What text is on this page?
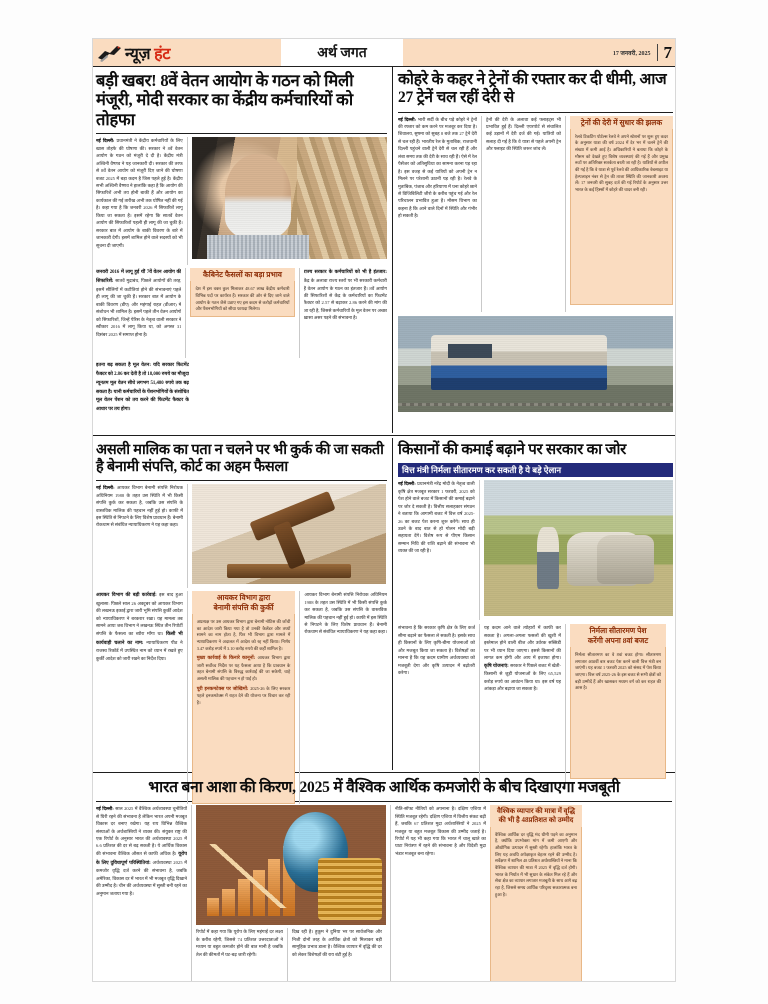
न्यूज़ हंट	अर्थ जगत	17 जनवरी, 2025 7
बड़ी खबर! 8वें वेतन आयोग के गठन को मिली मंजूरी, मोदी सरकार का केंद्रीय कर्मचारियों को तोहफा
नई दिल्ली: प्रधानमंत्री ने केंद्रीय कर्मचारियों के लिए खास तोहफे की घोषणा की। सरकार ने 8वें वेतन आयोग के गठन को मंजूरी दे दी है। केंद्रीय मंत्री अश्विनी वैष्णव ने यह जानकारी दी। सरकार की तरफ से 8वें वेतन आयोग को मंजूरी दिए जाने की घोषणा बजट 2025 में बड़ा कदम है जिस पहले हुई है। केंद्रीय सभी अश्विनी वैष्णव ने हालांकि कहा है कि आयोग की सिफारिशें अभी तय होनी बाकी हैं और आयोग का कार्यकाल की गई तारीख अभी तक घोषित नहीं की गई है। कहा गया है कि जनवरी 2026 में सिफारिशें लागू किया जा सकता है। इसमें रहेगा कि सातवें वेतन आयोग की सिफारिशों पहली ही लागू की जा चुकी हैं। सरकार बात में आयोग के बाकी विवरण के बारे में जानकारी देगी। इसमें शामिल होने वाले सदस्यों को भी सूचना दी जाएगी।
जनवरी 2016 में लागू हुई थीं 7वें वेतन आयोग की सिफारिशें: सातवें मुद्राबंध, पिछले आयोगों की तरह, इसमें सीलिंगों में कटौतियां होने की संभावनाएं पहले ही लागू की जा चुकी हैं। सरकार बात में आयोग के बाकी विवरण (डीए) और महंगाई राहत (डीआर) में संशोधन भी शामिल है। इसमें पहले तीन वेतन आयोगों को सिफारिशों, जिन्हें पेरिस के नेतृत्व वाली सरकार ने स्वीकार 2016 में लागू किया था, को अगस्त 31 दिसंबर 2025 में समाप्त होना है।
कैबिनेट फैसलों का बड़ा प्रभाव
देश में इस वक्त कुल मिलाकर 48.67 लाख केंद्रीय कर्मचारी विभिन्न पदों पर कार्यरत हैं। सरकार की ओर से दिए जाने वाले आयोग के गठन जैसे उठाए गए इस कदम से करोड़ों कर्मचारियों और पेंशनभोगियों को सीधा फायदा मिलेगा।
राज्य सरकार के कर्मचारियों को भी है इंतजार: केंद्र के अलावा राज्य स्तरों पर भी सरकारी कर्मचारी हैं वेतन आयोग के गठन का इंतजार हैं। 8वें आयोग की सिफारिशों से केंद्र के कर्मचारियों का फिटमेंट फैक्टर को 2.57 से बढ़ाकर 2.86 करने की मांग की जा रही है, जिससे कर्मचारियों के मूल वेतन पर अच्छा खासा असर पड़ने की संभावना है।
इतना बढ़ सकता है मूल वेतन: यदि सरकार फिटमेंट फैक्टर को 2.86 कर देती है तो 18,000 रुपये का मौजूदा न्यूनतम मूल वेतन सीधे लगभग 51,480 रुपये तक बढ़ सकता है। यानी कर्मचारियों के पेंशनभोगियों के संशोधित मूल वेतन पेंशन को तय करने की फिटमेंट फैक्टर के आधार पर तय होगा।
कोहरे के कहर ने ट्रेनों की रफ्तार कर दी धीमी, आज 27 ट्रेनें चल रहीं देरी से
नई दिल्ली: भारी सर्दी के बीच पड़े कोहरे ने ट्रेनों की रफ्तार को कम करने पर मजबूर कर दिया है। शिवालय, सुषमा को सुबह 8 बजे तक 27 ट्रेनें देरी से चल रही हैं। भारतीय रेल के मुताबिक, राजधानी दिल्ली पहुंचने वाली ट्रेनें देरी से चल रही हैं और लंबा समय तक की देरी के साथ रही हैं। ऐसे में रेल पैसेंजर को अतिसुविधा का सामना करना पड़ रहा है। इस वजह से कई यात्रियों को अपनी ट्रेन न मिलने पर परेशानी उठानी पड़ रही है। रेलवे के मुताबिक, पंजाब और हरियाणा में घना कोहरे छाने से विजिबिलिटी जीरो के करीब पहुंच गई और रेल परिचालन प्रभावित हुआ है। मौसम विभाग का कहना है कि आने वाले दिनों में स्थिति और गंभीर हो सकती है।
ट्रेनों की देरी के अलावा कई फ्लाइट्स भी प्रभावित हुई हैं। दिल्ली एयरपोर्ट से संचालित कई उड़ानों में देरी दर्ज की गई। यात्रियों को सलाह दी गई है कि वे यात्रा से पहले अपनी ट्रेन और फ्लाइट की स्थिति जरूर जांच लें।
ट्रेनों की देरी में सुधार की झलक
रेलवे टिकटिंग पोर्टल्स रेलवे ने अपने स्टेशनों पर शुरू हुए कदर के अनुसार यात्रा की वर्ष 2024 में देर भर में चलने ट्रेनें की संख्या में कमी आई है। अधिकारियों ने बताया कि कोहरे के मौसम को देखते हुए विशेष व्यवस्थाएं की गई हैं और प्रमुख रूटों पर अतिरिक्त सतर्कता बरती जा रही है। यात्रियों से अपील की गई है कि वे यात्रा से पूर्व रेलवे की आधिकारिक वेबसाइट या हेल्पलाइन नंबर से ट्रेन की ताजा स्थिति की जानकारी अवश्य लें। 17 जनवरी की सुबह दर्ज की गई रिपोर्ट के अनुसार उत्तर भारत के कई हिस्सों में कोहरे की चादर बनी रही।
असली मालिक का पता न चलने पर भी कुर्क की जा सकती है बेनामी संपत्ति, कोर्ट का अहम फैसला
नई दिल्ली: आयकर विभाग बेनामी संपत्ति निरोधक अधिनियम 1988 के तहत उस स्थिति में भी किसी संपत्ति कुर्क कर सकता है, जबकि उस संपत्ति के वास्तविक मालिक की पहचान नहीं हुई हो। काफी में इस स्थिति से निपटने के लिए विशेष प्रावधान हैं। बेनामी रोकथाम से संबंधित न्यायाधिकरण ने यह कहा कहा।
आयकर विभाग की बड़ी कार्रवाई: इस बाद हुआ खुलासा: पिछले साल 26 अक्टूबर को आयकर विभाग की लखनऊ इकाई द्वारा जारी भूमि संपत्ति कुर्की आदेश को न्यायाधिकरण ने बरकरार रखा। यह मामला तब सामने आया जब विभाग ने लखनऊ स्थित तीन रिपोर्टी संपत्ति के फैसला का ब्यौरा माँगा था। किसी भी कार्यवाही चलाने का नाम: न्यायाधिकरण पीठ ने राजस्व रिकॉर्ड में उपस्थित नाम को ध्यान में रखते हुए कुर्की आदेश को जारी रखने का निर्देश दिया।
आयकर विभाग द्वारा
बेनामी संपत्ति की कुर्की
अप्रत्यक्ष पर उस आयकर विभाग द्वारा बेनामी नोटिस की जाँची का आदेश जारी किया गया है तो उनकी कैलेंडर और तथ्यों सामने का नाम होता है, फिर भी विभाग द्वारा मामले में न्यायाधिकरण ने अदालत में आदेश को रद्द नहीं किया। निर्णय 3.47 करोड़ रुपये में 3.10 करोड़ रुपये की कहीं शामिल है।
मुख्य कार्रवाई के किनारे कानूनों: आयकर विभाग द्वारा जारी सर्वोच्च निर्देश पर यह फैसला आया है कि प्रावधान के तहत बेनामी संपत्ति के विरुद्ध कार्रवाई की जा सकेगी, चाहे असली मालिक की पहचान न हो पाई हो।
पूरी इनकमटेक्स पर जोखिमों: 2025-26 के लिए सरकार पहले इनकमटेक्स में राहत देने की योजना पर विचार कर रही है।
आयकर विभाग बेनामी संपत्ति निरोधक अधिनियम 1988 के तहत उस स्थिति में भी किसी संपत्ति कुर्क कर सकता है, जबकि उस संपत्ति के वास्तविक मालिक की पहचान नहीं हुई हो। काफी में इस स्थिति से निपटने के लिए विशेष प्रावधान हैं। बेनामी रोकथाम से संबंधित न्यायाधिकरण ने यह कहा कहा।
किसानों की कमाई बढ़ाने पर सरकार का जोर
वित्त मंत्री निर्मला सीतारमण कर सकती है ये बड़े ऐलान
नई दिल्ली: प्रधानमंत्री नरेंद्र मोदी के नेतृत्व वाली कृषि क्षेत्र मजबूत सरकार 1 फरवरी, 2025 को पेश होने वाले बजट में किसानों की कमाई बढ़ाने पर जोर दे सकती है। वित्तीय सलाहकार संगठन ने बताया कि आगामी बजट में वित्त वर्ष 2025-26 का बजट पेश करना शुरू करेंगे। साथ ही उठने के बाद बात से हो गोलन मोदी बड़ी सहायता देंगे। विशेष रूप से पीएम किसान सम्मान निधि की राशि बढ़ाने की संभावना भी व्यक्त की जा रही है।
संभावना है कि सरकार कृषि क्षेत्र के लिए कर्ज सीमा बढ़ाने का फैसला ले सकती है। इसके साथ ही किसानों के लिए कृषि-बीमा योजनाओं को और मजबूत किया जा सकता है। विशेषज्ञों का मानना है कि यह कदम ग्रामीण अर्थव्यवस्था को मजबूती देगा और कृषि उत्पादन में बढ़ोतरी करेगा।
यह कदम आने वाले त्योहारों में काफी कर सकता है। अगला-अगला फसलों की खुशी में इस्तेमाल होने वाली बीज और उर्वरक सब्सिडी पर भी ध्यान दिया जाएगा। इससे किसानों की लागत कम होगी और आय में इजाफा होगा। कृषि योजनाएं: सरकार ने पिछले बजट में खेती-किसानी से जुड़ी योजनाओं के लिए 65,529 करोड़ रुपये का आवंटन किया था। इस वर्ष यह आंकड़ा और बढ़ाया जा सकता है।
निर्मला सीतारमण पेश
करेंगी अपना 8वां बजट
निर्मला सीतारमण का वे 8वां बजट होगा। सीतारमण लगातार आठवीं बार बजट पेश करने वाली वित्त मंत्री बन जाएंगी। यह बजट 1 फरवरी 2025 को संसद में पेश किया जाएगा। वित्त वर्ष 2025-26 के इस बजट से सभी क्षेत्रों को बड़ी उम्मीदें हैं और खासकर मध्यम वर्ग को कर राहत की आस है।
भारत बना आशा की किरण, 2025 में वैश्विक आर्थिक कमजोरी के बीच दिखाएगा मजबूती
नई दिल्ली: साल 2025 में वैश्विक अर्थव्यवस्था चुनौतियों से घिरी रहने की संभावना है लेकिन भारत अपनी मजबूत विकास दर बनाए रखेगा। यह राय विभिन्न वैश्विक संस्थाओं के अर्थशास्त्रियों ने व्यक्त की। संयुक्त राष्ट्र की एक रिपोर्ट के अनुसार भारत की अर्थव्यवस्था 2025 में 6.6 प्रतिशत की दर से बढ़ सकती है। ये आर्थिक विकास की संभावना वैश्विक औसत से काफी अधिक है। यूरोप के लिए दुविधापूर्ण परिस्थितियां: अर्थव्यवस्था 2025 में कमजोर वृद्धि दर्ज करने की संभावना है, जबकि अमेरिका, विकास दर में भारत में भी मजबूत वृद्धि दिखाने की उम्मीद है। चीन की अर्थव्यवस्था में सुस्ती बनी रहने का अनुमान जताया गया है।
रिपोर्ट में कहा गया कि यूरोप के लिए महंगाई दर लक्ष्य के करीब रहेगी, जिससे 74 प्रतिशत उत्तरदाताओं ने मध्यम या बहुत कमजोर होने की बात मानी है जबकि तेल की कीमतों में घट-बढ़ जारी रहेगी।
दिख रही है। हुकूम ने दुनिया भर पर सार्वजनिक और निजी दोनों तरह के आर्थिक क्षेत्रों को मिलाकर बड़ी सामूहिक प्रभाव डाला है। वैश्विक व्यापार में वृद्धि की दर को लेकर विशेषज्ञों की राय बंटी हुई है।
नीति-सॉफ्ट नीतियों को अपनाना है। दक्षिण एशिया में स्थिति मजबूत रहेगी। दक्षिण एशिया में वित्तीय संकट बढ़ी हैं, जबकि 67 प्रतिशत मुद्रा अर्थशास्त्रियों ने 2025 में मजबूत या बहुत मजबूत विकास की उम्मीद जताई है। रिपोर्ट में यह भी कहा गया कि भारत में चालू खाते का घाटा नियंत्रण में रहने की संभावना है और विदेशी मुद्रा भंडार मजबूत बना रहेगा।
वैश्विक व्यापार की मात्रा में वृद्धि
की भी है 48प्रतिशत को उम्मीद
वैश्विक आर्थिक दर वृद्धि मंद धीमी पड़ने का अनुमान है, क्योंकि उपभोक्ता मांग में कमी आएगी और औद्योगिक उत्पादन में सुस्ती रहेगी। हालांकि भारत के लिए यह अवधि अपेक्षाकृत बेहतर रहने की उम्मीद है। सर्वेक्षण में शामिल 48 प्रतिशत अर्थशास्त्रियों ने माना कि वैश्विक व्यापार की मात्रा में 2025 में वृद्धि दर्ज होगी। भारत के निर्यात में भी सुधार के संकेत मिल रहे हैं और सेवा क्षेत्र का व्यापार लगातार मजबूती के साथ आगे बढ़ रहा है, जिससे समग्र आर्थिक परिदृश्य सकारात्मक बना हुआ है।
